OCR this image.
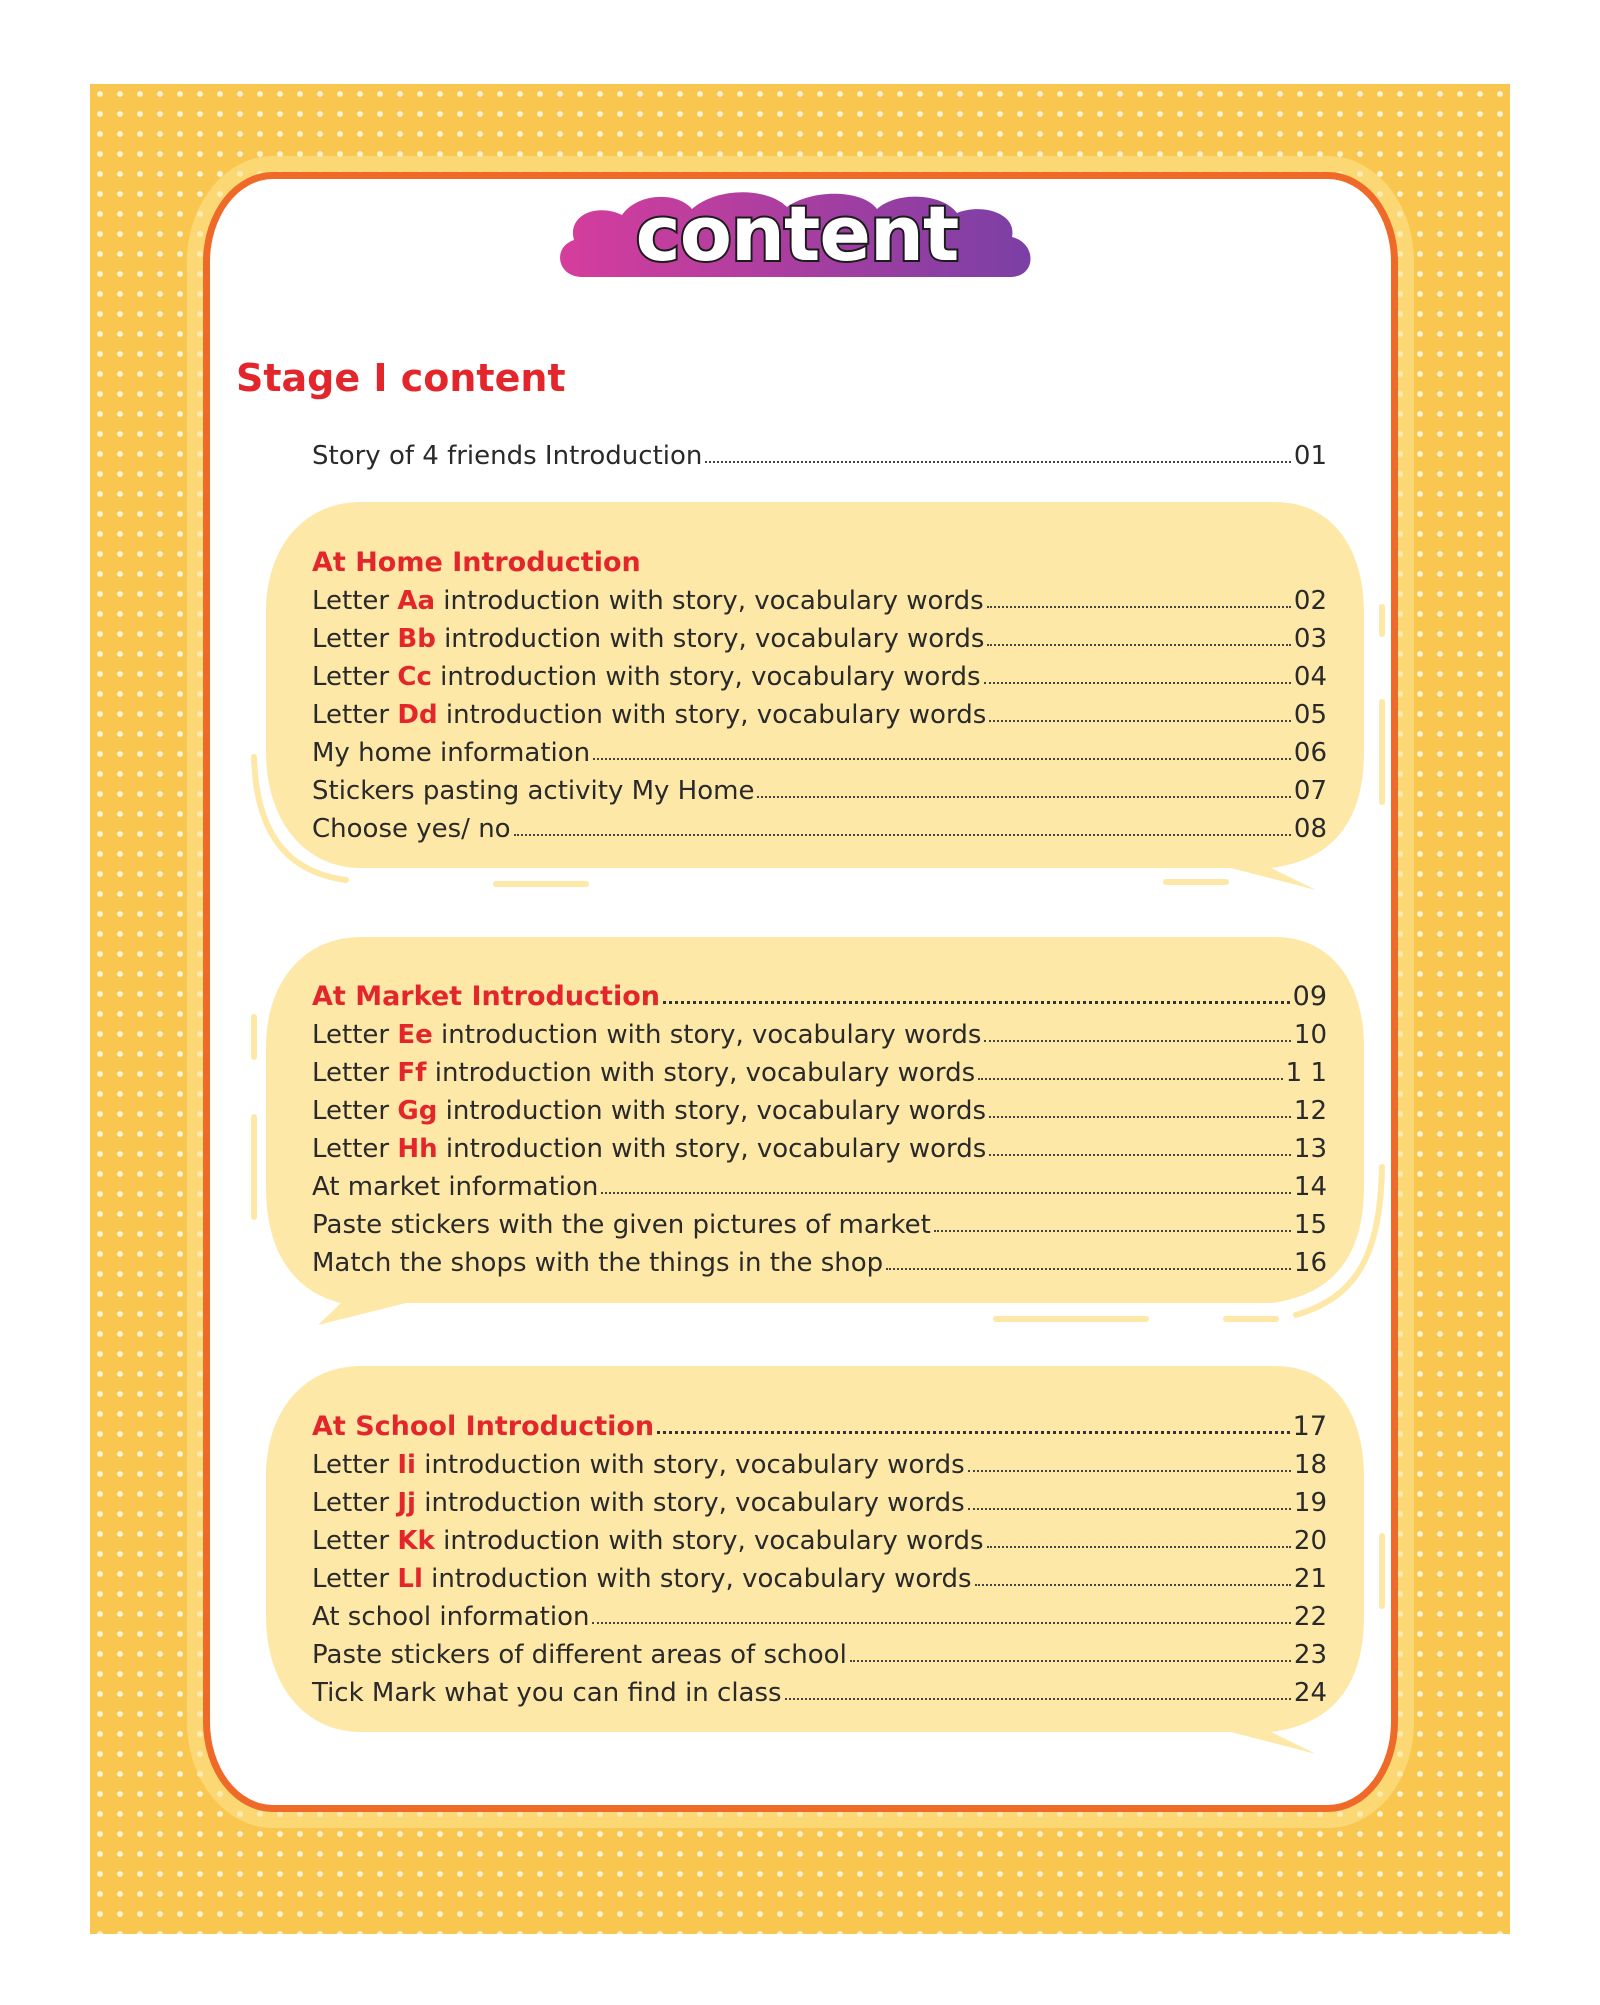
content
Stage I content
Story of 4 friends Introduction	01
At Home Introduction
Letter Aa introduction with story, vocabulary words	02
Letter Bb introduction with story, vocabulary words	03
Letter Cc introduction with story, vocabulary words	04
Letter Dd introduction with story, vocabulary words	05
My home information	06
Stickers pasting activity My Home	07
Choose yes/ no	08
At Market Introduction	09
Letter Ee introduction with story, vocabulary words	10
Letter Ff introduction with story, vocabulary words	1 1
Letter Gg introduction with story, vocabulary words	12
Letter Hh introduction with story, vocabulary words	13
At market information	14
Paste stickers with the given pictures of market	15
Match the shops with the things in the shop	16
At School Introduction	17
Letter Ii introduction with story, vocabulary words	18
Letter Jj introduction with story, vocabulary words	19
Letter Kk introduction with story, vocabulary words	20
Letter Ll introduction with story, vocabulary words	21
At school information	22
Paste stickers of different areas of school	23
Tick Mark what you can find in class	24
